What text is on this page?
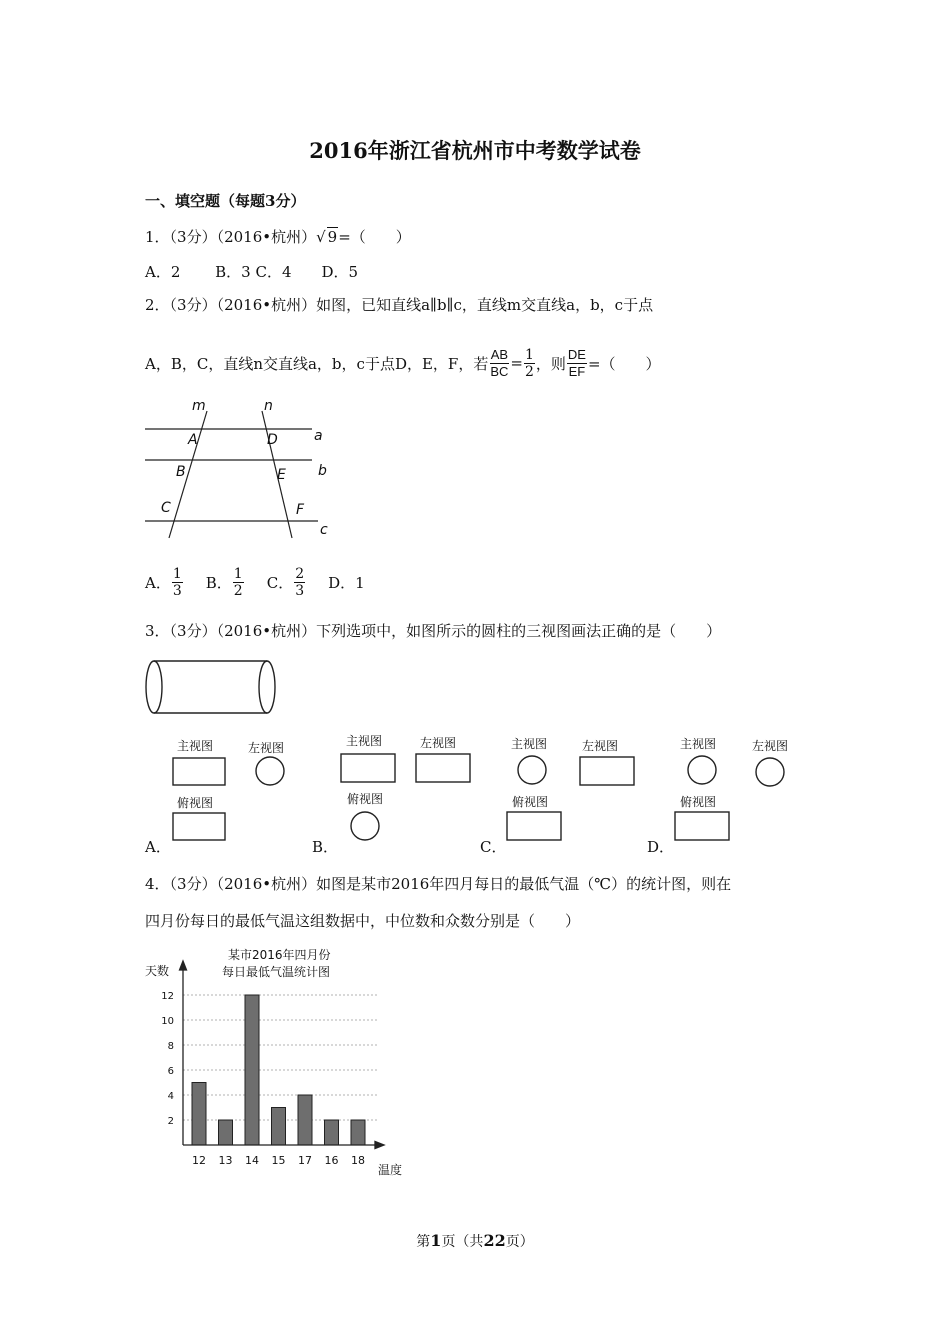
2016年浙江省杭州市中考数学试卷
一、填空题（每题3分）
1．（3分）（2016•杭州）√ 9=（　　）
A．2　　 B．3 C．4　　D．5
2．（3分）（2016•杭州）如图，已知直线a∥b∥c，直线m交直线a，b，c于点
A，B，C，直线n交直线a，b，c于点D，E，F，若 $\frac{AB}{BC} = \frac{1}{2}$ ，则 $\frac{DE}{EF}$ =（　　）
m	n
A	D	a
B	E b
C	F
c
A． $\frac{1}{3}$ B． $\frac{1}{2}$ C． $\frac{2}{3}$ D．1
3．（3分）（2016•杭州）下列选项中，如图所示的圆柱的三视图画法正确的是（　　）
主视图	左视图
俯视图
主视图	左视图
俯视图
主视图	左视图
俯视图
主视图	左视图
俯视图
A．	B．	C．	D．
4．（3分）（2016•杭州）如图是某市2016年四月每日的最低气温（℃）的统计图，则在
四月份每日的最低气温这组数据中，中位数和众数分别是（　　）
某市2016年四月份
每日最低气温统计图
天数
温度
2
4
6
8
10
12
12 13 14 15 17 16 18
第1页（共22页）
